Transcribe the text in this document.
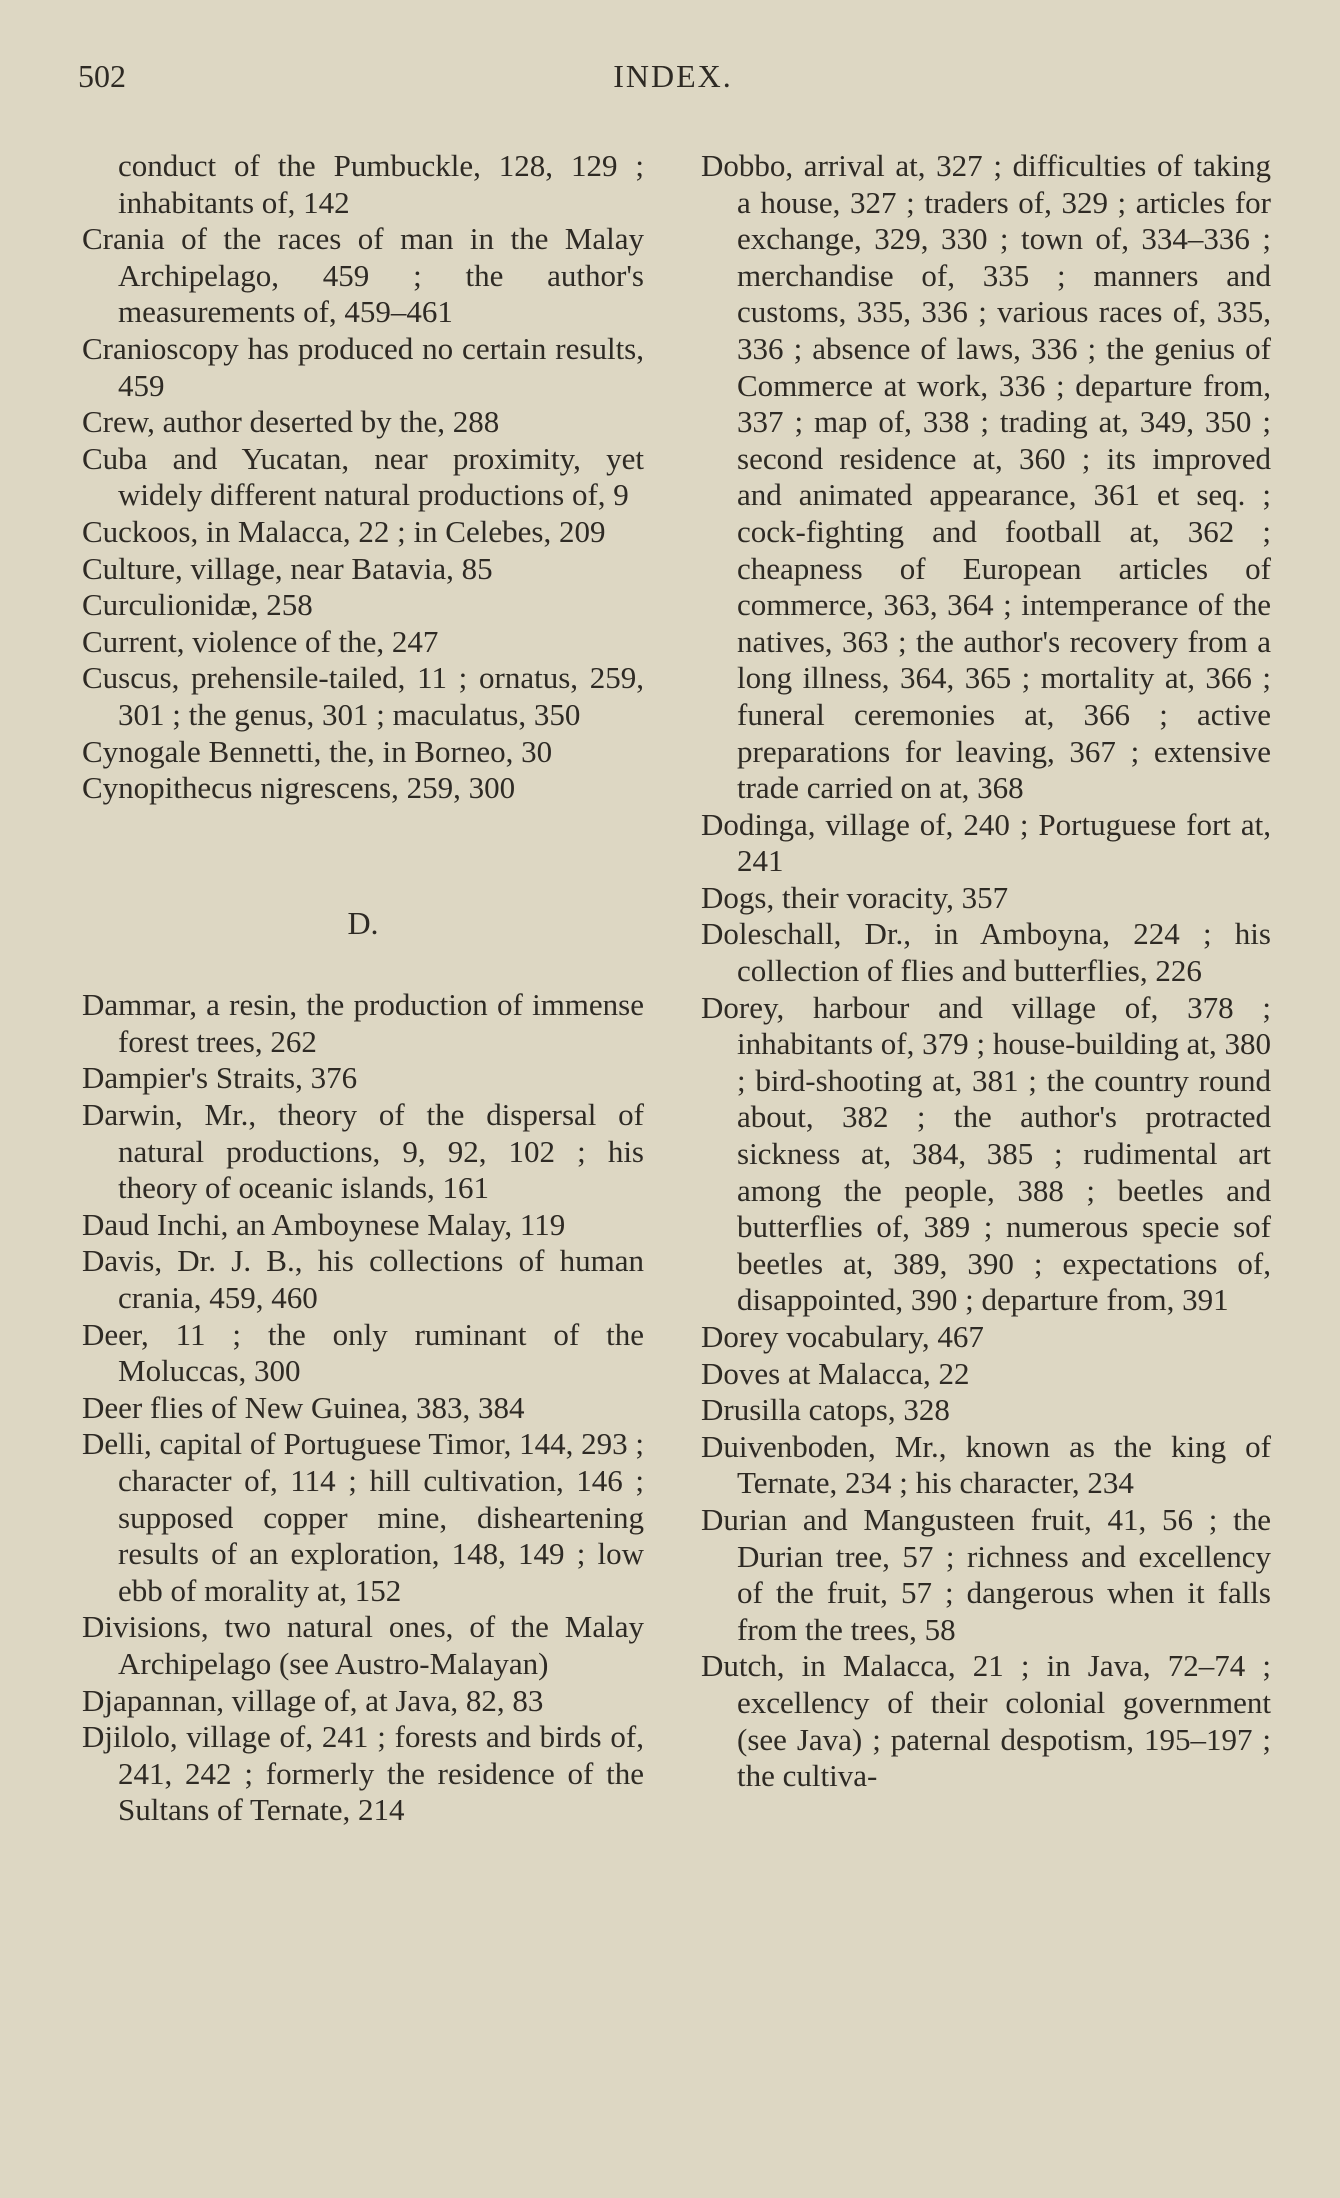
502	INDEX.
conduct of the Pumbuckle, 128, 129 ; inhabitants of, 142
Crania of the races of man in the Malay Archipelago, 459 ; the author's measurements of, 459–461
Cranioscopy has produced no certain results, 459
Crew, author deserted by the, 288
Cuba and Yucatan, near proximity, yet widely different natural productions of, 9
Cuckoos, in Malacca, 22 ; in Celebes, 209
Culture, village, near Batavia, 85
Curculionidæ, 258
Current, violence of the, 247
Cuscus, prehensile-tailed, 11 ; ornatus, 259, 301 ; the genus, 301 ; maculatus, 350
Cynogale Bennetti, the, in Borneo, 30
Cynopithecus nigrescens, 259, 300
D.
Dammar, a resin, the production of immense forest trees, 262
Dampier's Straits, 376
Darwin, Mr., theory of the dispersal of natural productions, 9, 92, 102 ; his theory of oceanic islands, 161
Daud Inchi, an Amboynese Malay, 119
Davis, Dr. J. B., his collections of human crania, 459, 460
Deer, 11 ; the only ruminant of the Moluccas, 300
Deer flies of New Guinea, 383, 384
Delli, capital of Portuguese Timor, 144, 293 ; character of, 114 ; hill cultivation, 146 ; supposed copper mine, disheartening results of an exploration, 148, 149 ; low ebb of morality at, 152
Divisions, two natural ones, of the Malay Archipelago (see Austro-Malayan)
Djapannan, village of, at Java, 82, 83
Djilolo, village of, 241 ; forests and birds of, 241, 242 ; formerly the residence of the Sultans of Ternate, 214
Dobbo, arrival at, 327 ; difficulties of taking a house, 327 ; traders of, 329 ; articles for exchange, 329, 330 ; town of, 334–336 ; merchandise of, 335 ; manners and customs, 335, 336 ; various races of, 335, 336 ; absence of laws, 336 ; the genius of Commerce at work, 336 ; departure from, 337 ; map of, 338 ; trading at, 349, 350 ; second residence at, 360 ; its improved and animated appearance, 361 et seq. ; cock-fighting and football at, 362 ; cheapness of European articles of commerce, 363, 364 ; intemperance of the natives, 363 ; the author's recovery from a long illness, 364, 365 ; mortality at, 366 ; funeral ceremonies at, 366 ; active preparations for leaving, 367 ; extensive trade carried on at, 368
Dodinga, village of, 240 ; Portuguese fort at, 241
Dogs, their voracity, 357
Doleschall, Dr., in Amboyna, 224 ; his collection of flies and butterflies, 226
Dorey, harbour and village of, 378 ; inhabitants of, 379 ; house-building at, 380 ; bird-shooting at, 381 ; the country round about, 382 ; the author's protracted sickness at, 384, 385 ; rudimental art among the people, 388 ; beetles and butterflies of, 389 ; numerous specie sof beetles at, 389, 390 ; expectations of, disappointed, 390 ; departure from, 391
Dorey vocabulary, 467
Doves at Malacca, 22
Drusilla catops, 328
Duivenboden, Mr., known as the king of Ternate, 234 ; his character, 234
Durian and Mangusteen fruit, 41, 56 ; the Durian tree, 57 ; richness and excellency of the fruit, 57 ; dangerous when it falls from the trees, 58
Dutch, in Malacca, 21 ; in Java, 72–74 ; excellency of their colonial government (see Java) ; paternal despotism, 195–197 ; the cultiva-
